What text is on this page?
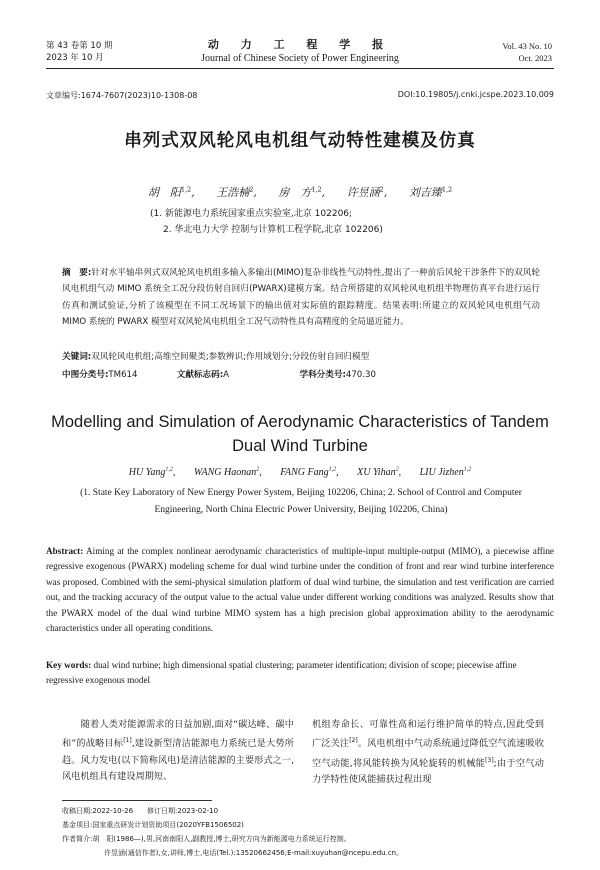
第 43 卷第 10 期
2023 年 10 月
动 力 工 程 学 报
Journal of Chinese Society of Power Engineering
Vol. 43 No. 10
Oct. 2023
文章编号:1674-7607(2023)10-1308-08	DOI:10.19805/j.cnki.jcspe.2023.10.009
串列式双风轮风电机组气动特性建模及仿真
胡　阳$^{1,2}$, 王浩楠$^2$, 房　方$^{1,2}$, 许昱涵$^2$, 刘吉臻$^{1,2}$
(1. 新能源电力系统国家重点实验室,北京 102206;
2. 华北电力大学 控制与计算机工程学院,北京 102206)
摘　要:针对水平轴串列式双风轮风电机组多输入多输出(MIMO)复杂非线性气动特性,提出了一种前后风轮干涉条件下的双风轮风电机组气动 MIMO 系统全工况分段仿射自回归(PWARX)建模方案。结合所搭建的双风轮风电机组半物理仿真平台进行运行仿真和测试验证,分析了该模型在不同工况场景下的输出值对实际值的跟踪精度。结果表明:所建立的双风轮风电机组气动 MIMO 系统的 PWARX 模型对双风轮风电机组全工况气动特性具有高精度的全局逼近能力。
关键词:双风轮风电机组;高维空间聚类;参数辨识;作用域划分;分段仿射自回归模型
中图分类号:TM614	文献标志码:A	学科分类号:470.30
Modelling and Simulation of Aerodynamic Characteristics of Tandem Dual Wind Turbine
HU Yang$^{1,2}$, WANG Haonan$^2$, FANG Fang$^{1,2}$, XU Yihan$^2$, LIU Jizhen$^{1,2}$
(1. State Key Laboratory of New Energy Power System, Beijing 102206, China; 2. School of Control and Computer Engineering, North China Electric Power University, Beijing 102206, China)
Abstract: Aiming at the complex nonlinear aerodynamic characteristics of multiple-input multiple-output (MIMO), a piecewise affine regressive exogenous (PWARX) modeling scheme for dual wind turbine under the condition of front and rear wind turbine interference was proposed. Combined with the semi-physical simulation platform of dual wind turbine, the simulation and test verification are carried out, and the tracking accuracy of the output value to the actual value under different working conditions was analyzed. Results show that the PWARX model of the dual wind turbine MIMO system has a high precision global approximation ability to the aerodynamic characteristics under all operating conditions.
Key words: dual wind turbine; high dimensional spatial clustering; parameter identification; division of scope; piecewise affine regressive exogenous model
　　随着人类对能源需求的日益加剧,面对“碳达峰、碳中和”的战略目标[1],建设新型清洁能源电力系统已是大势所趋。风力发电(以下简称风电)是清洁能源的主要形式之一,风电机组具有建设周期短、
机组寿命长、可靠性高和运行维护简单的特点,因此受到广泛关注[2]。风电机组中气动系统通过降低空气流速吸收空气动能,将风能转换为风轮旋转的机械能[3];由于空气动力学特性使风能捕获过程出现
收稿日期:2022-10-26　　修订日期:2023-02-10
基金项目:国家重点研发计划资助项目(2020YFB1506502)
作者简介:胡　阳(1986—),男,河南南阳人,副教授,博士,研究方向为新能源电力系统运行控制。
许昱涵(通信作者),女,讲师,博士,电话(Tel.):13520662456;E-mail:xuyuhan@ncepu.edu.cn。
